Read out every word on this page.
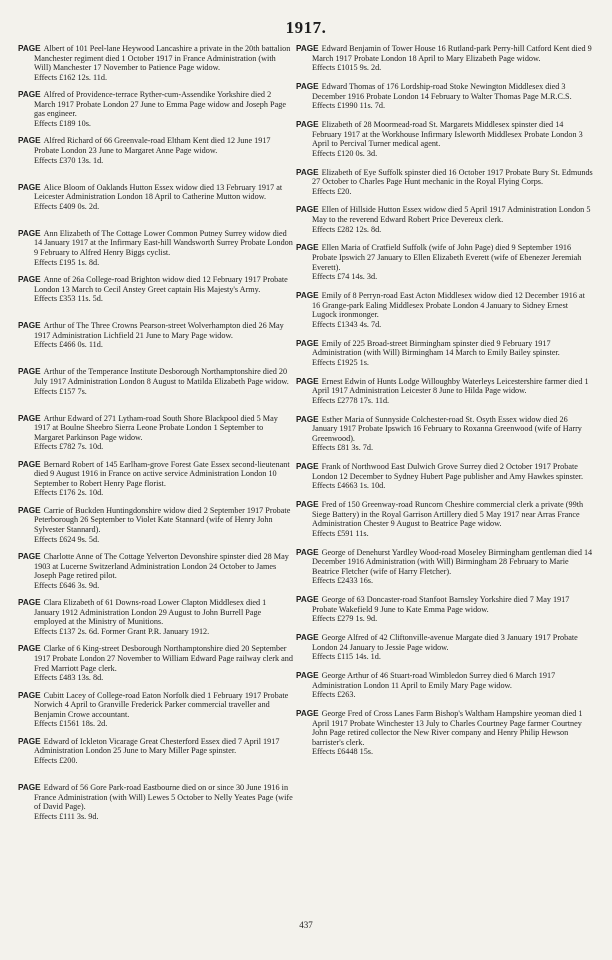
1917.
PAGE Albert of 101 Peel-lane Heywood Lancashire a private in the 20th battalion Manchester regiment died 1 October 1917 in France Administration (with Will) Manchester 17 November to Patience Page widow.
Effects £162 12s. 11d.
PAGE Alfred of Providence-terrace Ryther-cum-Assendike Yorkshire died 2 March 1917 Probate London 27 June to Emma Page widow and Joseph Page gas engineer.
Effects £189 10s.
PAGE Alfred Richard of 66 Greenvale-road Eltham Kent died 12 June 1917 Probate London 23 June to Margaret Anne Page widow.
Effects £370 13s. 1d.
PAGE Alice Bloom of Oaklands Hutton Essex widow died 13 February 1917 at Leicester Administration London 18 April to Catherine Mutton widow.
Effects £409 0s. 2d.
PAGE Ann Elizabeth of The Cottage Lower Common Putney Surrey widow died 14 January 1917 at the Infirmary East-hill Wandsworth Surrey Probate London 9 February to Alfred Henry Biggs cyclist.
Effects £195 1s. 8d.
PAGE Anne of 26a College-road Brighton widow died 12 February 1917 Probate London 13 March to Cecil Anstey Greet captain His Majesty's Army.
Effects £353 11s. 5d.
PAGE Arthur of The Three Crowns Pearson-street Wolverhampton died 26 May 1917 Administration Lichfield 21 June to Mary Page widow.
Effects £466 0s. 11d.
PAGE Arthur of the Temperance Institute Desborough Northamptonshire died 20 July 1917 Administration London 8 August to Matilda Elizabeth Page widow.
Effects £157 7s.
PAGE Arthur Edward of 271 Lytham-road South Shore Blackpool died 5 May 1917 at Boulne Sheebro Sierra Leone Probate London 1 September to Margaret Parkinson Page widow.
Effects £782 7s. 10d.
PAGE Bernard Robert of 145 Earlham-grove Forest Gate Essex second-lieutenant died 9 August 1916 in France on active service Administration London 10 September to Robert Henry Page florist.
Effects £176 2s. 10d.
PAGE Carrie of Buckden Huntingdonshire widow died 2 September 1917 Probate Peterborough 26 September to Violet Kate Stannard (wife of Henry John Sylvester Stannard).
Effects £624 9s. 5d.
PAGE Charlotte Anne of The Cottage Yelverton Devonshire spinster died 28 May 1903 at Lucerne Switzerland Administration London 24 October to James Joseph Page retired pilot.
Effects £646 3s. 9d.
PAGE Clara Elizabeth of 61 Downs-road Lower Clapton Middlesex died 1 January 1912 Administration London 29 August to John Burrell Page employed at the Ministry of Munitions.
Effects £137 2s. 6d. Former Grant P.R. January 1912.
PAGE Clarke of 6 King-street Desborough Northamptonshire died 20 September 1917 Probate London 27 November to William Edward Page railway clerk and Fred Marriott Page clerk.
Effects £483 13s. 8d.
PAGE Cubitt Lacey of College-road Eaton Norfolk died 1 February 1917 Probate Norwich 4 April to Granville Frederick Parker commercial traveller and Benjamin Crowe accountant.
Effects £1561 18s. 2d.
PAGE Edward of Ickleton Vicarage Great Chesterford Essex died 7 April 1917 Administration London 25 June to Mary Miller Page spinster.
Effects £200.
PAGE Edward of 56 Gore Park-road Eastbourne died on or since 30 June 1916 in France Administration (with Will) Lewes 5 October to Nelly Yeates Page (wife of David Page).
Effects £111 3s. 9d.
PAGE Edward Benjamin of Tower House 16 Rutland-park Perry-hill Catford Kent died 9 March 1917 Probate London 18 April to Mary Elizabeth Page widow.
Effects £1015 9s. 2d.
PAGE Edward Thomas of 176 Lordship-road Stoke Newington Middlesex died 3 December 1916 Probate London 14 February to Walter Thomas Page M.R.C.S.
Effects £1990 11s. 7d.
PAGE Elizabeth of 28 Moormead-road St. Margarets Middlesex spinster died 14 February 1917 at the Workhouse Infirmary Isleworth Middlesex Probate London 3 April to Percival Turner medical agent.
Effects £120 0s. 3d.
PAGE Elizabeth of Eye Suffolk spinster died 16 October 1917 Probate Bury St. Edmunds 27 October to Charles Page Hunt mechanic in the Royal Flying Corps.
Effects £20.
PAGE Ellen of Hillside Hutton Essex widow died 5 April 1917 Administration London 5 May to the reverend Edward Robert Price Devereux clerk.
Effects £282 12s. 8d.
PAGE Ellen Maria of Cratfield Suffolk (wife of John Page) died 9 September 1916 Probate Ipswich 27 January to Ellen Elizabeth Everett (wife of Ebenezer Jeremiah Everett).
Effects £74 14s. 3d.
PAGE Emily of 8 Perryn-road East Acton Middlesex widow died 12 December 1916 at 16 Grange-park Ealing Middlesex Probate London 4 January to Sidney Ernest Lugock ironmonger.
Effects £1343 4s. 7d.
PAGE Emily of 225 Broad-street Birmingham spinster died 9 February 1917 Administration (with Will) Birmingham 14 March to Emily Bailey spinster.
Effects £1925 1s.
PAGE Ernest Edwin of Hunts Lodge Willoughby Waterleys Leicestershire farmer died 1 April 1917 Administration Leicester 8 June to Hilda Page widow.
Effects £2778 17s. 11d.
PAGE Esther Maria of Sunnyside Colchester-road St. Osyth Essex widow died 26 January 1917 Probate Ipswich 16 February to Roxanna Greenwood (wife of Harry Greenwood).
Effects £81 3s. 7d.
PAGE Frank of Northwood East Dulwich Grove Surrey died 2 October 1917 Probate London 12 December to Sydney Hubert Page publisher and Amy Hawkes spinster.
Effects £4663 1s. 10d.
PAGE Fred of 150 Greenway-road Runcorn Cheshire commercial clerk a private (99th Siege Battery) in the Royal Garrison Artillery died 5 May 1917 near Arras France Administration Chester 9 August to Beatrice Page widow.
Effects £591 11s.
PAGE George of Denehurst Yardley Wood-road Moseley Birmingham gentleman died 14 December 1916 Administration (with Will) Birmingham 28 February to Marie Beatrice Fletcher (wife of Harry Fletcher).
Effects £2433 16s.
PAGE George of 63 Doncaster-road Stanfoot Barnsley Yorkshire died 7 May 1917 Probate Wakefield 9 June to Kate Emma Page widow.
Effects £279 1s. 9d.
PAGE George Alfred of 42 Cliftonville-avenue Margate died 3 January 1917 Probate London 24 January to Jessie Page widow.
Effects £115 14s. 1d.
PAGE George Arthur of 46 Stuart-road Wimbledon Surrey died 6 March 1917 Administration London 11 April to Emily Mary Page widow.
Effects £263.
PAGE George Fred of Cross Lanes Farm Bishop's Waltham Hampshire yeoman died 1 April 1917 Probate Winchester 13 July to Charles Courtney Page farmer Courtney John Page retired collector the New River company and Henry Philip Hewson barrister's clerk.
Effects £6448 15s.
437
